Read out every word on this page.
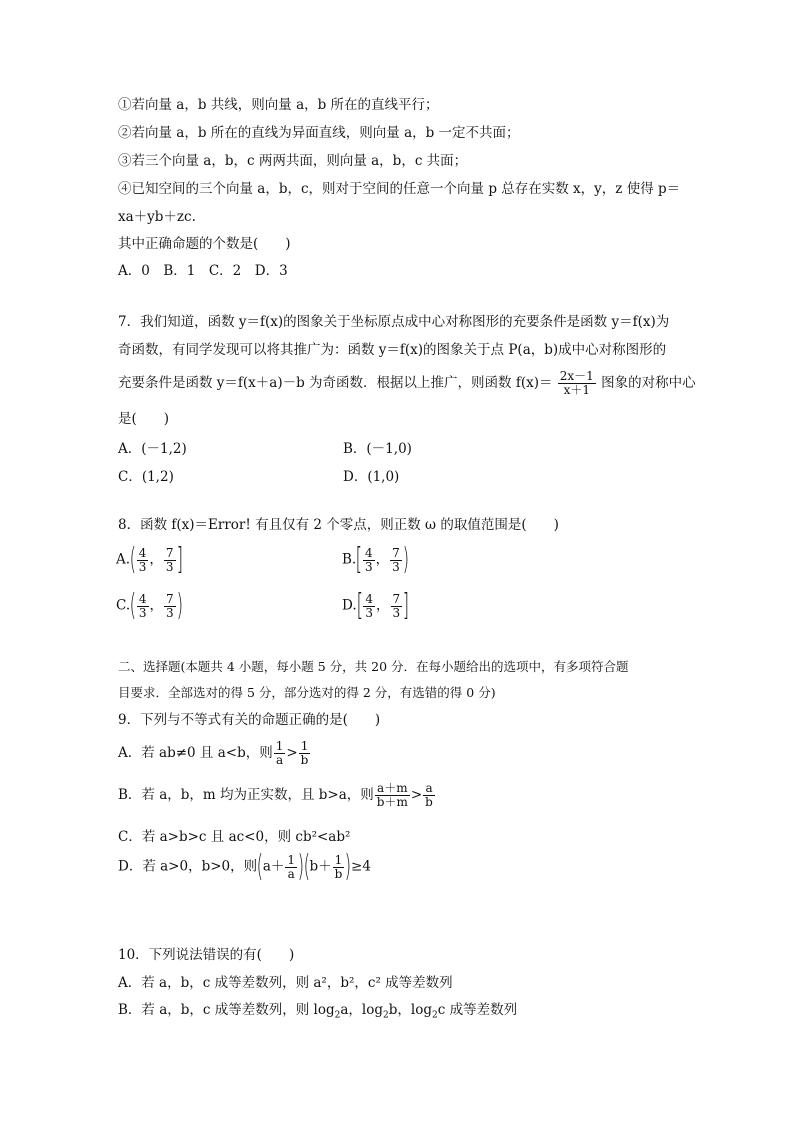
①若向量 a，b 共线，则向量 a，b 所在的直线平行；
②若向量 a，b 所在的直线为异面直线，则向量 a，b 一定不共面；
③若三个向量 a，b，c 两两共面，则向量 a，b，c 共面；
④已知空间的三个向量 a，b，c，则对于空间的任意一个向量 p 总存在实数 x，y，z 使得 p＝
xa＋yb＋zc.
其中正确命题的个数是(　　)
A．0　B．1　C．2　D．3
7．我们知道，函数 y＝f(x)的图象关于坐标原点成中心对称图形的充要条件是函数 y＝f(x)为
奇函数，有同学发现可以将其推广为：函数 y＝f(x)的图象关于点 P(a，b)成中心对称图形的
充要条件是函数 y＝f(x＋a)－b 为奇函数．根据以上推广，则函数 $f(x)= \frac{2x-1}{x+1}$ 图象的对称中心
是(　　)
A．(－1,2)	B．(－1,0)
C．(1,2)	D．(1,0)
8．函数 f(x)＝Error! 有且仅有 2 个零点，则正数 ω 的取值范围是(　　)
$A.( \frac{4}{3}$ ， $\frac{7}{3}$ ]	$B.[ \frac{4}{3}$ ， $\frac{7}{3}$ )
$C.( \frac{4}{3}$ ， $\frac{7}{3}$ )	$D.[ \frac{4}{3}$ ， $\frac{7}{3}$ ]
二、选择题(本题共 4 小题，每小题 5 分，共 20 分．在每小题给出的选项中，有多项符合题
目要求．全部选对的得 5 分，部分选对的得 2 分，有选错的得 0 分)
9．下列与不等式有关的命题正确的是(　　)
A．若 ab≠0 且 a<b，则 $\frac{1}{a} > \frac{1}{b}$
B．若 a，b，m 均为正实数，且 b>a，则 $\frac{a+m}{b+m} > \frac{a}{b}$
C．若 a>b>c 且 ac<0，则 cb²<ab²
D．若 a>0，b>0，则$(a+ \frac{1}{a} )(b+ \frac{1}{b} )\ge 4$
10．下列说法错误的有(　　)
A．若 a，b，c 成等差数列，则 a²，b²，c² 成等差数列
B．若 a，b，c 成等差数列，则 $\log_2a$，$\log_2b$，$\log_2c$ 成等差数列
